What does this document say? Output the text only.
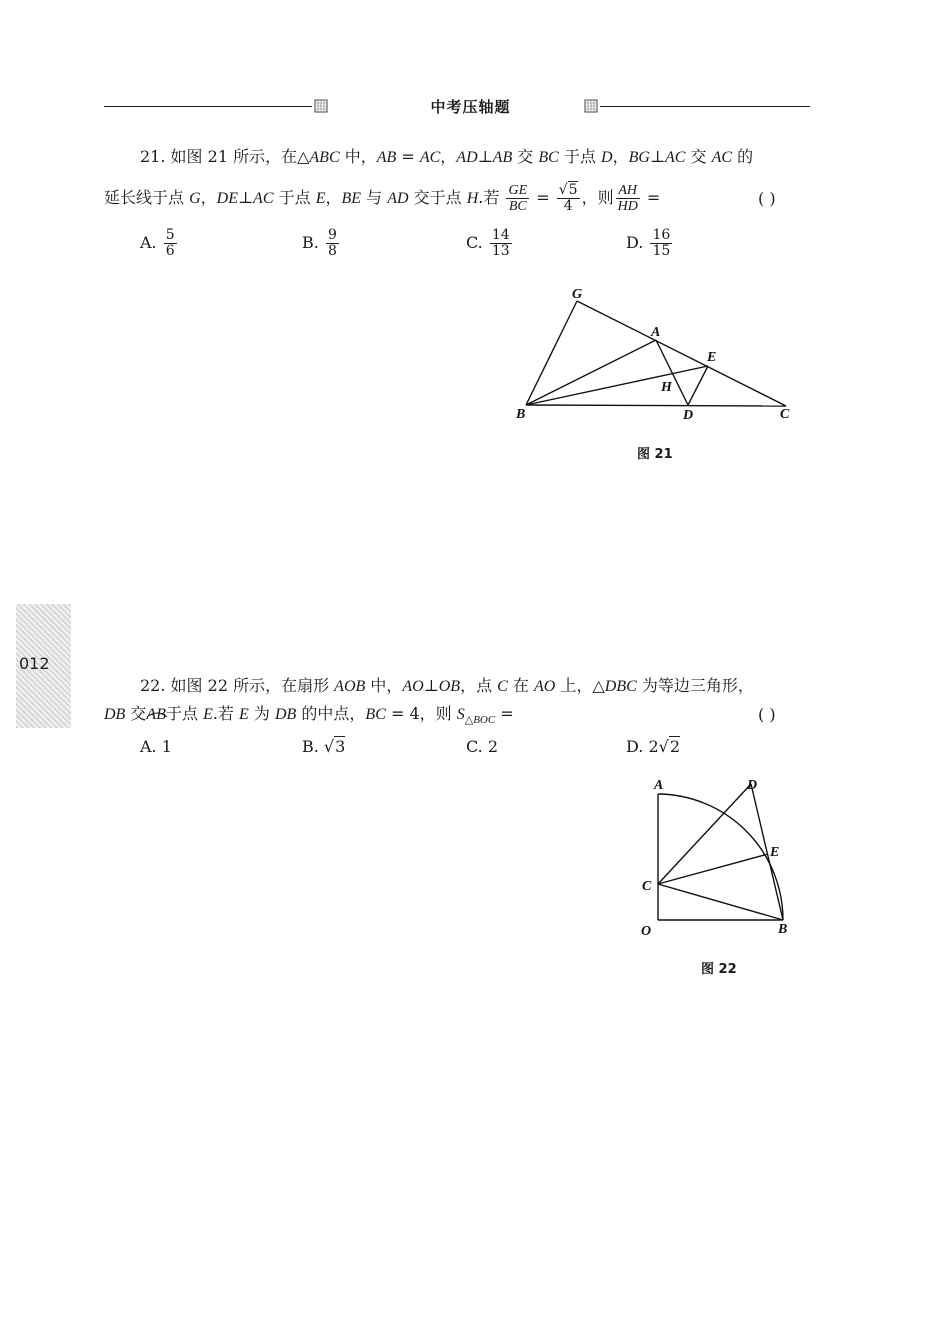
中考压轴题
012
21. 如图 21 所示，在△ABC 中，AB = AC，AD⊥AB 交 BC 于点 D，BG⊥AC 交 AC 的
延长线于点 G，DE⊥AC 于点 E，BE 与 AD 交于点 H.若 $\frac{GE}{BC} = \frac{√5}{4}$ ，则 $\frac{AH}{HD}$ =	( )
A. $\frac{5}{6}$	B. $\frac{9}{8}$	C. $\frac{14}{13}$	D. $\frac{16}{15}$
G
A
E
H
B	D	C
图 21
22. 如图 22 所示，在扇形 AOB 中，AO⊥OB，点 C 在 AO 上，△DBC 为等边三角形，
DB 交
AB于点 E.若 E 为 DB 的中点，BC = 4，则 $S_{\triangle BOC}$ =	( )
A. 1	B. √3	C. 2	D. 2√2
A	D
E
C
O	B
图 22
